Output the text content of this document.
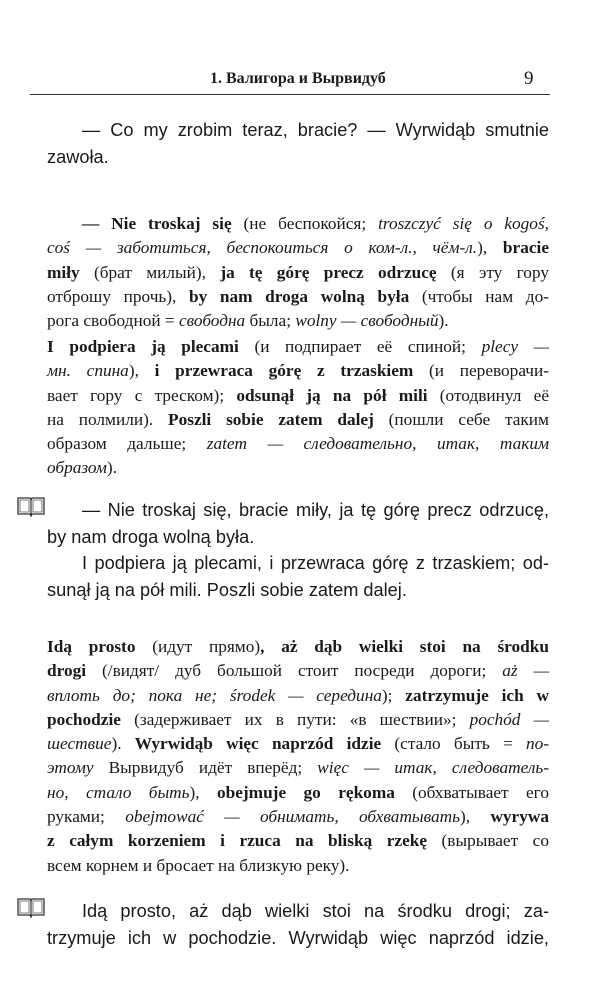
1. Валигора и Вырвидуб	9

— Co my zrobim teraz, bracie? — Wyrwidąb smutnie
zawoła.

— Nie troskaj się (не беспокойся; troszczyć się o kogoś,
coś — заботиться, беспокоиться о ком-л., чём-л.), bracie
miły (брат милый), ja tę górę precz odrzucę (я эту гору
отброшу прочь), by nam droga wolną była (чтобы нам до-
рога свободной = свободна была; wolny — свободный).

I podpiera ją plecami (и подпирает её спиной; plecy —
мн. спина), i przewraca górę z trzaskiem (и переворачи-
вает гору с треском); odsunął ją na pół mili (отодвинул её
на полмили). Poszli sobie zatem dalej (пошли себе таким
образом дальше; zatem — следовательно, итак, таким
образом).

— Nie troskaj się, bracie miły, ja tę górę precz odrzucę,
by nam droga wolną była.
I podpiera ją plecami, i przewraca górę z trzaskiem; od-
sunął ją na pół mili. Poszli sobie zatem dalej.

Idą prosto (идут прямо), aż dąb wielki stoi na środku
drogi (/видят/ дуб большой стоит посреди дороги; aż —
вплоть до; пока не; środek — середина); zatrzymuje ich w
pochodzie (задерживает их в пути: «в шествии»; pochód —
шествие). Wyrwidąb więc naprzód idzie (стало быть = по-
этому Вырвидуб идёт вперёд; więc — итак, следователь-
но, стало быть), obejmuje go rękoma (обхватывает его
руками; obejmować — обнимать, обхватывать), wyrywa
z całym korzeniem i rzuca na bliską rzekę (вырывает со
всем корнем и бросает на близкую реку).

Idą prosto, aż dąb wielki stoi na środku drogi; za-
trzymuje ich w pochodzie. Wyrwidąb więc naprzód idzie,
